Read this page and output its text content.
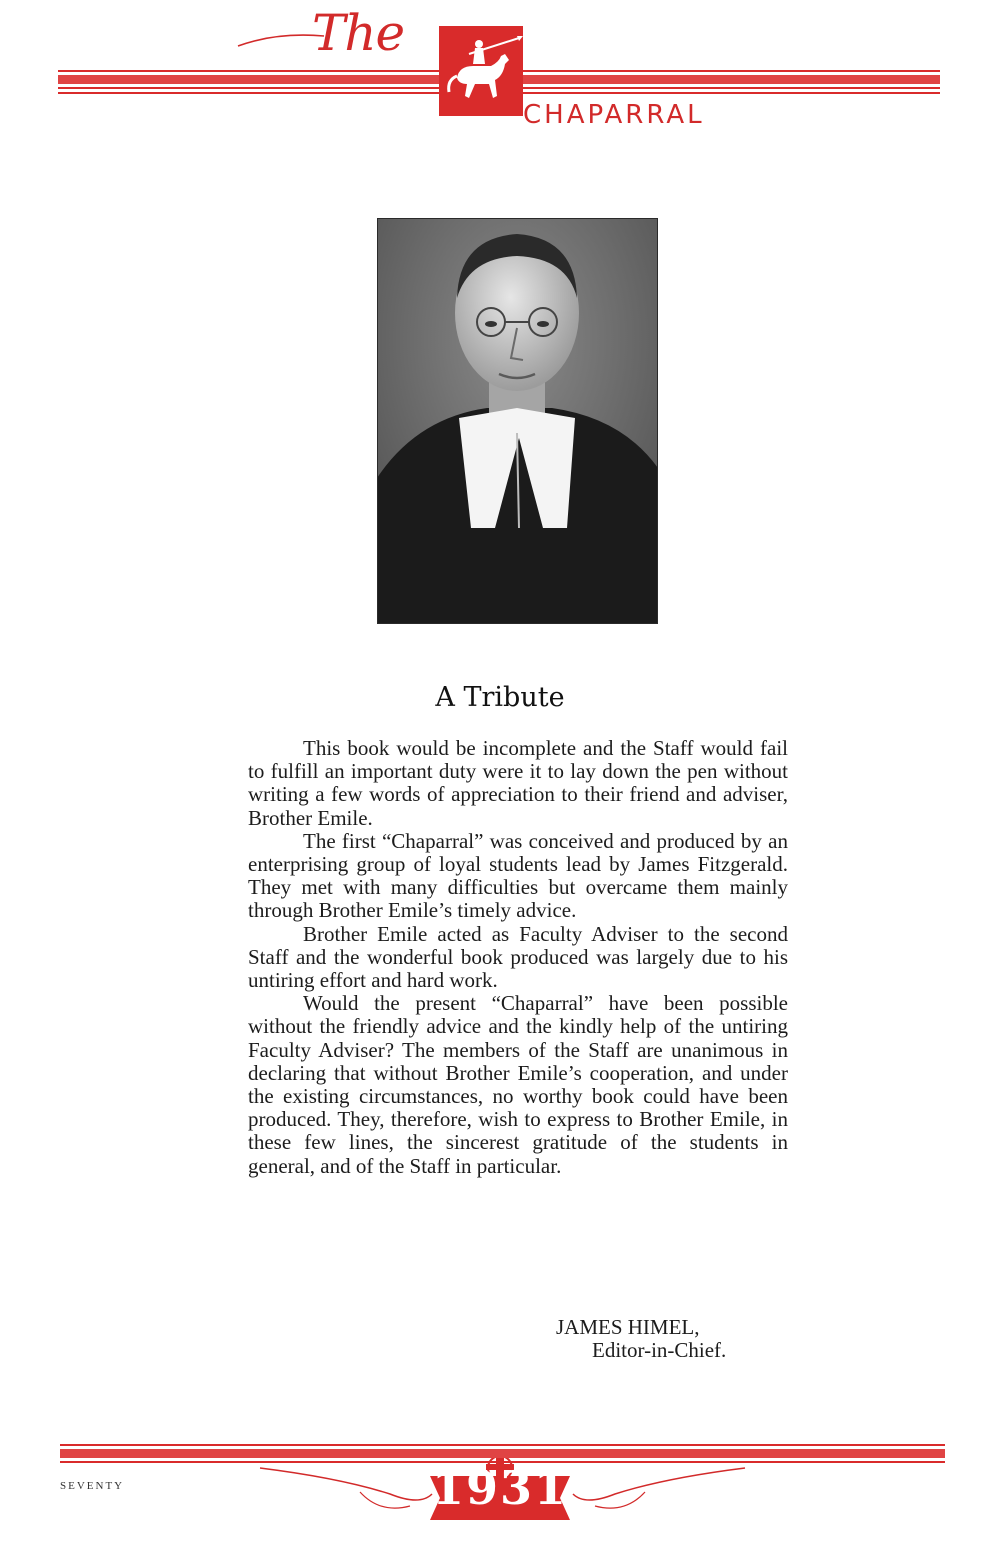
The
CHAPARRAL
A Tribute

This book would be incomplete and the Staff would fail to fulfill an important duty were it to lay down the pen without writing a few words of appreciation to their friend and adviser, Brother Emile.

The first “Chaparral” was conceived and produced by an enterprising group of loyal students lead by James Fitzgerald. They met with many difficulties but overcame them mainly through Brother Emile’s timely advice.

Brother Emile acted as Faculty Adviser to the second Staff and the wonderful book produced was largely due to his untiring effort and hard work.

Would the present “Chaparral” have been possible without the friendly advice and the kindly help of the untiring Faculty Adviser? The members of the Staff are unanimous in declaring that without Brother Emile’s cooperation, and under the existing circumstances, no worthy book could have been produced. They, therefore, wish to express to Brother Emile, in these few lines, the sincerest gratitude of the students in general, and of the Staff in particular.

JAMES HIMEL,
Editor-in-Chief.
SEVENTY	1931
